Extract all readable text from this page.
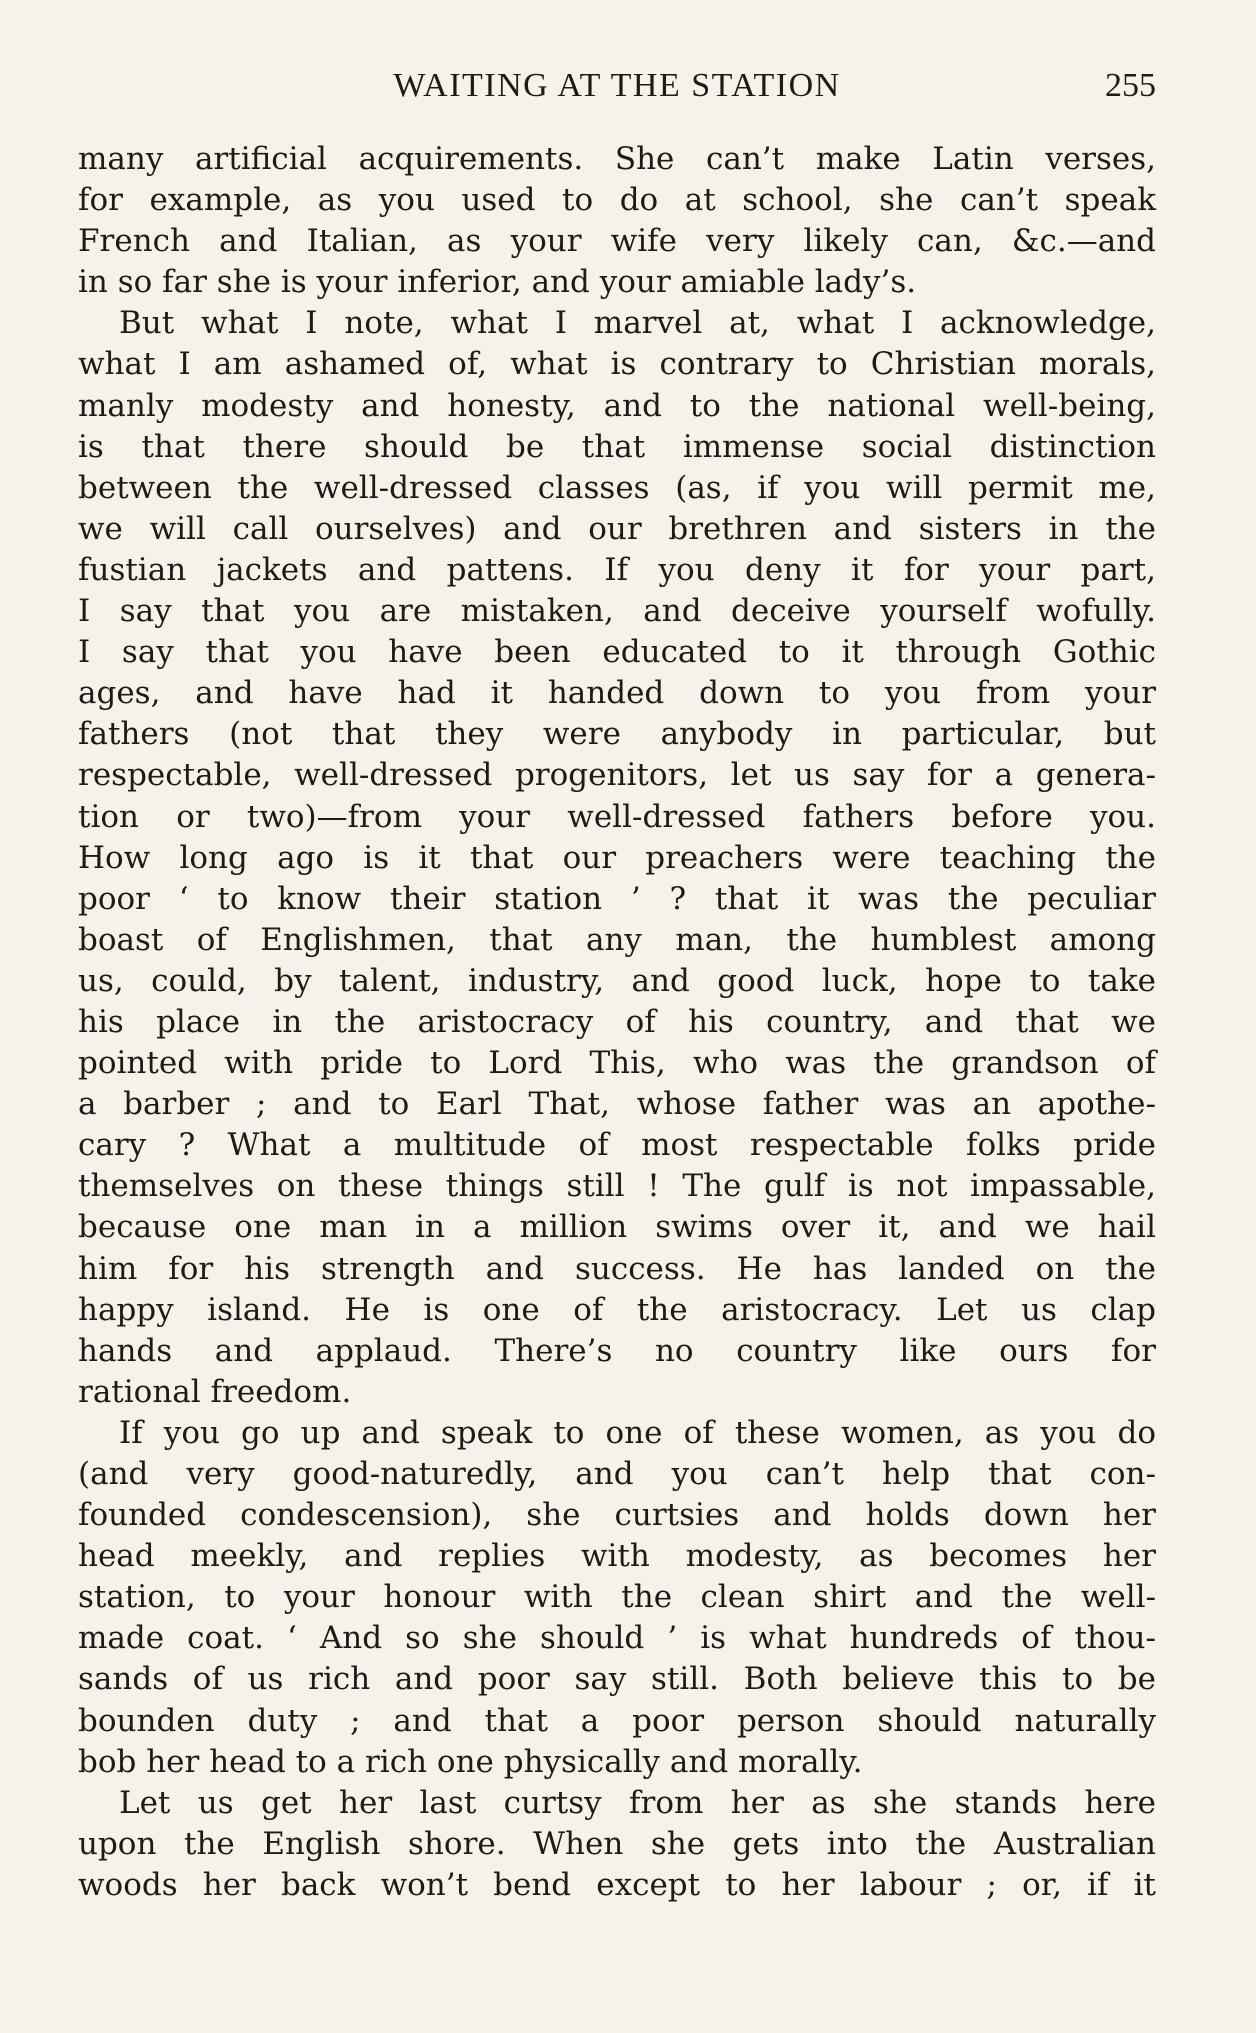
WAITING AT THE STATION	255
many artificial acquirements. She can’t make Latin verses,
for example, as you used to do at school, she can’t speak
French and Italian, as your wife very likely can, &c.—and
in so far she is your inferior, and your amiable lady’s.
But what I note, what I marvel at, what I acknowledge,
what I am ashamed of, what is contrary to Christian morals,
manly modesty and honesty, and to the national well-being,
is that there should be that immense social distinction
between the well-dressed classes (as, if you will permit me,
we will call ourselves) and our brethren and sisters in the
fustian jackets and pattens. If you deny it for your part,
I say that you are mistaken, and deceive yourself wofully.
I say that you have been educated to it through Gothic
ages, and have had it handed down to you from your
fathers (not that they were anybody in particular, but
respectable, well-dressed progenitors, let us say for a genera-
tion or two)—from your well-dressed fathers before you.
How long ago is it that our preachers were teaching the
poor ‘ to know their station ’ ? that it was the peculiar
boast of Englishmen, that any man, the humblest among
us, could, by talent, industry, and good luck, hope to take
his place in the aristocracy of his country, and that we
pointed with pride to Lord This, who was the grandson of
a barber ; and to Earl That, whose father was an apothe-
cary ? What a multitude of most respectable folks pride
themselves on these things still ! The gulf is not impassable,
because one man in a million swims over it, and we hail
him for his strength and success. He has landed on the
happy island. He is one of the aristocracy. Let us clap
hands and applaud. There’s no country like ours for
rational freedom.
If you go up and speak to one of these women, as you do
(and very good-naturedly, and you can’t help that con-
founded condescension), she curtsies and holds down her
head meekly, and replies with modesty, as becomes her
station, to your honour with the clean shirt and the well-
made coat. ‘ And so she should ’ is what hundreds of thou-
sands of us rich and poor say still. Both believe this to be
bounden duty ; and that a poor person should naturally
bob her head to a rich one physically and morally.
Let us get her last curtsy from her as she stands here
upon the English shore. When she gets into the Australian
woods her back won’t bend except to her labour ; or, if it
